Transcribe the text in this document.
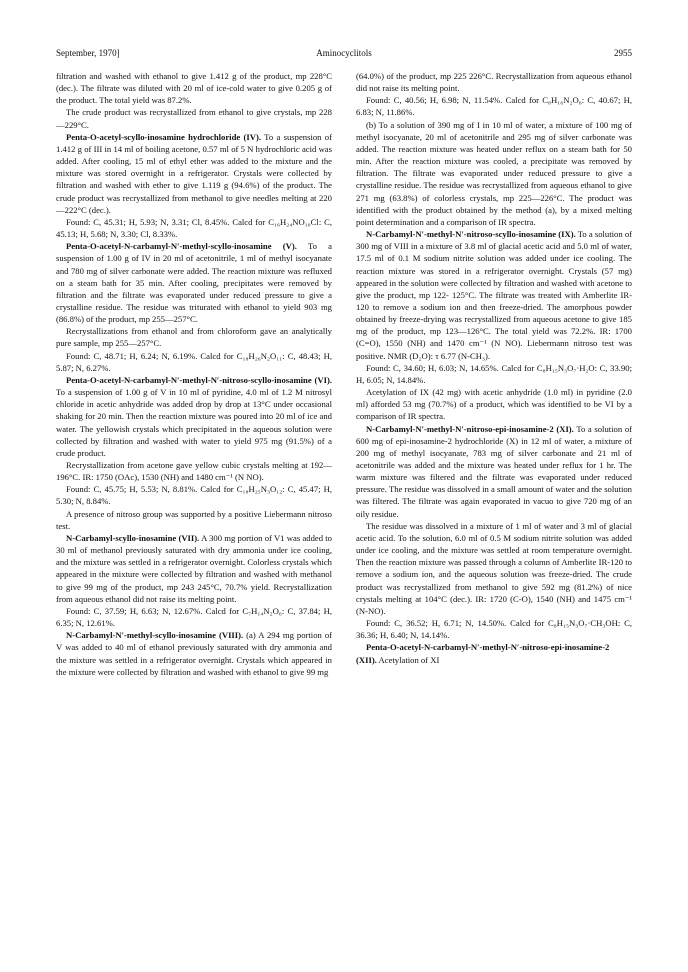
September, 1970]	Aminocyclitols	2955

filtration and washed with ethanol to give 1.412 g of the product, mp 228°C (dec.). The filtrate was diluted with 20 ml of ice-cold water to give 0.205 g of the product. The total yield was 87.2%.

The crude product was recrystallized from ethanol to give crystals, mp 228—229°C.

Penta-O-acetyl-scyllo-inosamine hydrochloride (IV). To a suspension of 1.412 g of III in 14 ml of boiling acetone, 0.57 ml of 5 N hydrochloric acid was added. After cooling, 15 ml of ethyl ether was added to the mixture and the mixture was stored overnight in a refrigerator. Crystals were collected by filtration and washed with ether to give 1.119 g (94.6%) of the product. The crude product was recrystallized from methanol to give needles melting at 220—222°C (dec.).

Found: C, 45.31; H, 5.93; N, 3.31; Cl, 8.45%. Calcd for C₁₆H₂₄NO₁₀Cl: C, 45.13; H, 5.68; N, 3.30; Cl, 8.33%.

Penta-O-acetyl-N-carbamyl-N′-methyl-scyllo-inosamine (V). To a suspension of 1.00 g of IV in 20 ml of acetonitrile, 1 ml of methyl isocyanate and 780 mg of silver carbonate were added. The reaction mixture was refluxed on a steam bath for 35 min. After cooling, precipitates were removed by filtration and the filtrate was evaporated under reduced pressure to give a crystalline residue. The residue was triturated with ethanol to yield 903 mg (86.8%) of the product, mp 255—257°C.

Recrystallizations from ethanol and from chloroform gave an analytically pure sample, mp 255—257°C.

Found: C, 48.71; H, 6.24; N, 6.19%. Calcd for C₁₈H₂₆N₂O₁₁: C, 48.43; H, 5.87; N, 6.27%.

Penta-O-acetyl-N-carbamyl-N′-methyl-N′-nitroso-scyllo-inosamine (VI). To a suspension of 1.00 g of V in 10 ml of pyridine, 4.0 ml of 1.2 M nitrosyl chloride in acetic anhydride was added drop by drop at 13°C under occasional shaking for 20 min. Then the reaction mixture was poured into 20 ml of ice and water. The yellowish crystals which precipitated in the aqueous solution were collected by filtration and washed with water to yield 975 mg (91.5%) of a crude product.

Recrystallization from acetone gave yellow cubic crystals melting at 192—196°C. IR: 1750 (OAc), 1530 (NH) and 1480 cm⁻¹ (N NO).

Found: C, 45.75; H, 5.53; N, 8.81%. Calcd for C₁₈H₂₅N₃O₁₂: C, 45.47; H, 5.30; N, 8.84%.

A presence of nitroso group was supported by a positive Liebermann nitroso test.

N-Carbamyl-scyllo-inosamine (VII). A 300 mg portion of V1 was added to 30 ml of methanol previously saturated with dry ammonia under ice cooling, and the mixture was settled in a refrigerator overnight. Colorless crystals which appeared in the mixture were collected by filtration and washed with methanol to give 99 mg of the product, mp 243 245°C, 70.7% yield. Recrystallization from aqueous ethanol did not raise its melting point.

Found: C, 37.59; H, 6.63; N, 12.67%. Calcd for C₇H₁₄N₂O₆: C, 37.84; H, 6.35; N, 12.61%.

N-Carbamyl-N′-methyl-scyllo-inosamine (VIII). (a) A 294 mg portion of V was added to 40 ml of ethanol previously saturated with dry ammonia and the mixture was settled in a refrigerator overnight. Crystals which appeared in the mixture were collected by filtration and washed with ethanol to give 99 mg

(64.0%) of the product, mp 225 226°C. Recrystallization from aqueous ethanol did not raise its melting point.

Found: C, 40.56; H, 6.98; N, 11.54%. Calcd for C₈H₁₆N₂O₆: C, 40.67; H, 6.83; N, 11.86%.

(b) To a solution of 390 mg of I in 10 ml of water, a mixture of 100 mg of methyl isocyanate, 20 ml of acetonitrile and 295 mg of silver carbonate was added. The reaction mixture was heated under reflux on a steam bath for 50 min. After the reaction mixture was cooled, a precipitate was removed by filtration. The filtrate was evaporated under reduced pressure to give a crystalline residue. The residue was recrystallized from aqueous ethanol to give 271 mg (63.8%) of colorless crystals, mp 225—226°C. The product was identified with the product obtained by the method (a), by a mixed melting point determination and a comparison of IR spectra.

N-Carbamyl-N′-methyl-N′-nitroso-scyllo-inosamine (IX). To a solution of 300 mg of VIII in a mixture of 3.8 ml of glacial acetic acid and 5.0 ml of water, 17.5 ml of 0.1 M sodium nitrite solution was added under ice cooling. The reaction mixture was stored in a refrigerator overnight. Crystals (57 mg) appeared in the solution were collected by filtration and washed with acetone to give the product, mp 122- 125°C. The filtrate was treated with Amberlite IR-120 to remove a sodium ion and then freeze-dried. The amorphous powder obtained by freeze-drying was recrystallized from aqueous acetone to give 185 mg of the product, mp 123—126°C. The total yield was 72.2%. IR: 1700 (C=O), 1550 (NH) and 1470 cm⁻¹ (N NO). Liebermann nitroso test was positive. NMR (D₂O): τ 6.77 (N-CH₃).

Found: C, 34.60; H, 6.03; N, 14.65%. Calcd for C₈H₁₅N₃O₇·H₂O: C, 33.90; H, 6.05; N, 14.84%.

Acetylation of IX (42 mg) with acetic anhydride (1.0 ml) in pyridine (2.0 ml) afforded 53 mg (70.7%) of a product, which was identified to be VI by a comparison of IR spectra.

N-Carbamyl-N′-methyl-N′-nitroso-epi-inosamine-2 (XI). To a solution of 600 mg of epi-inosamine-2 hydrochloride (X) in 12 ml of water, a mixture of 200 mg of methyl isocyanate, 783 mg of silver carbonate and 21 ml of acetonitrile was added and the mixture was heated under reflux for 1 hr. The warm mixture was filtered and the filtrate was evaporated under reduced pressure. The residue was dissolved in a small amount of water and the solution was filtered. The filtrate was again evaporated in vacuo to give 720 mg of an oily residue.

The residue was dissolved in a mixture of 1 ml of water and 3 ml of glacial acetic acid. To the solution, 6.0 ml of 0.5 M sodium nitrite solution was added under ice cooling, and the mixture was settled at room temperature overnight. Then the reaction mixture was passed through a column of Amberlite IR-120 to remove a sodium ion, and the aqueous solution was freeze-dried. The crude product was recrystallized from methanol to give 592 mg (81.2%) of nice crystals melting at 104°C (dec.). IR: 1720 (C-O), 1540 (NH) and 1475 cm⁻¹ (N-NO).

Found: C, 36.52; H, 6.71; N, 14.50%. Calcd for C₈H₁₅N₃O₇·CH₃OH: C, 36.36; H, 6.40; N, 14.14%.

Penta-O-acetyl-N-carbamyl-N′-methyl-N′-nitroso-epi-inosamine-2 (XII). Acetylation of XI
